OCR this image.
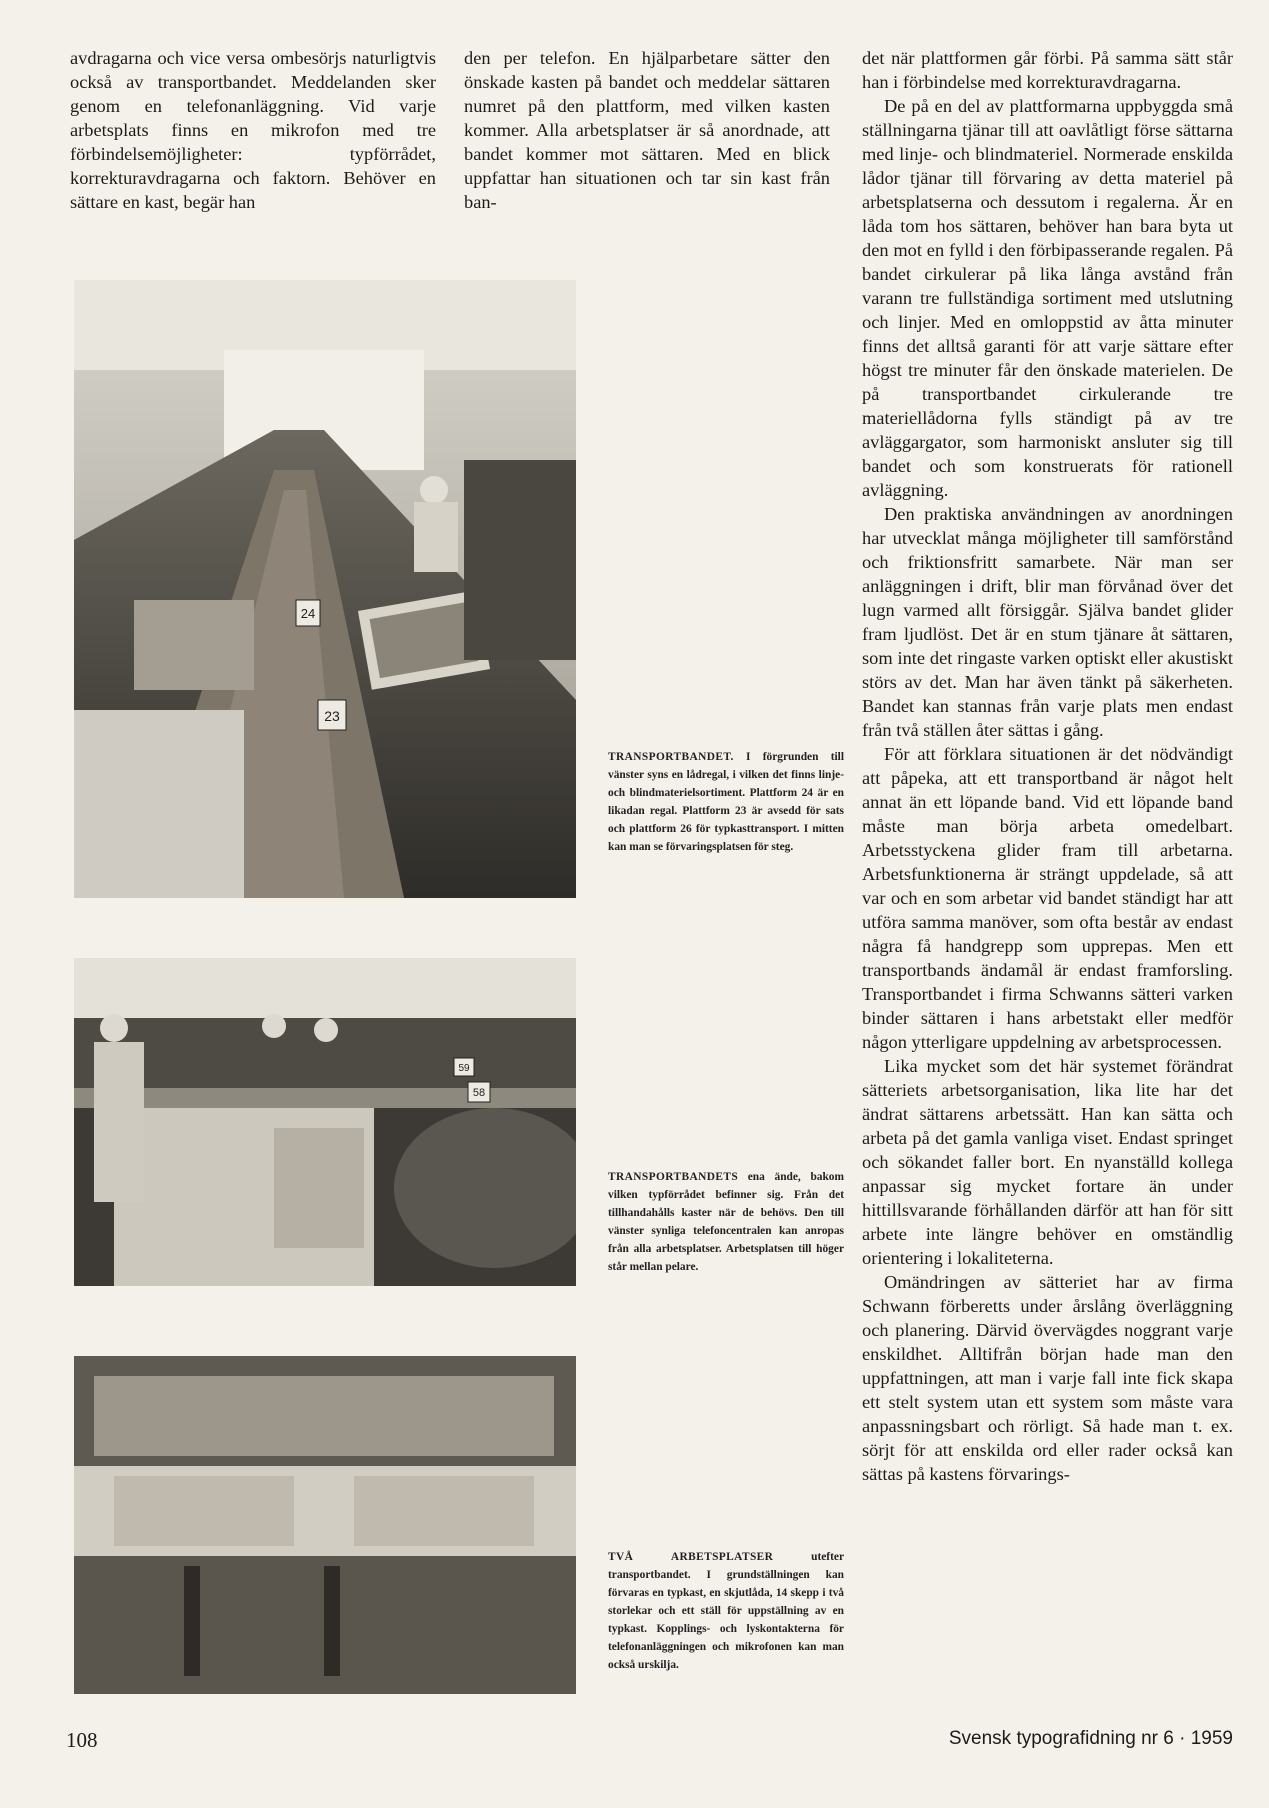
avdragarna och vice versa ombesörjs naturligtvis också av transportbandet. Meddelanden sker genom en telefonanläggning. Vid varje arbetsplats finns en mikrofon med tre förbindelsemöjligheter: typförrådet, korrekturavdragarna och faktorn. Behöver en sättare en kast, begär han

den per telefon. En hjälparbetare sätter den önskade kasten på bandet och meddelar sättaren numret på den plattform, med vilken kasten kommer. Alla arbetsplatser är så anordnade, att bandet kommer mot sättaren. Med en blick uppfattar han situationen och tar sin kast från ban-

det när plattformen går förbi. På samma sätt står han i förbindelse med korrekturavdragarna.

De på en del av plattformarna uppbyggda små ställningarna tjänar till att oavlåtligt förse sättarna med linje- och blindmateriel. Normerade enskilda lådor tjänar till förvaring av detta materiel på arbetsplatserna och dessutom i regalerna. Är en låda tom hos sättaren, behöver han bara byta ut den mot en fylld i den förbipasserande regalen. På bandet cirkulerar på lika långa avstånd från varann tre fullständiga sortiment med utslutning och linjer. Med en omloppstid av åtta minuter finns det alltså garanti för att varje sättare efter högst tre minuter får den önskade materielen. De på transportbandet cirkulerande tre materiellådorna fylls ständigt på av tre avläggargator, som harmoniskt ansluter sig till bandet och som konstruerats för rationell avläggning.

Den praktiska användningen av anordningen har utvecklat många möjligheter till samförstånd och friktionsfritt samarbete. När man ser anläggningen i drift, blir man förvånad över det lugn varmed allt försiggår. Själva bandet glider fram ljudlöst. Det är en stum tjänare åt sättaren, som inte det ringaste varken optiskt eller akustiskt störs av det. Man har även tänkt på säkerheten. Bandet kan stannas från varje plats men endast från två ställen åter sättas i gång.

För att förklara situationen är det nödvändigt att påpeka, att ett transportband är något helt annat än ett löpande band. Vid ett löpande band måste man börja arbeta omedelbart. Arbetsstyckena glider fram till arbetarna. Arbetsfunktionerna är strängt uppdelade, så att var och en som arbetar vid bandet ständigt har att utföra samma manöver, som ofta består av endast några få handgrepp som upprepas. Men ett transportbands ändamål är endast framforsling. Transportbandet i firma Schwanns sätteri varken binder sättaren i hans arbetstakt eller medför någon ytterligare uppdelning av arbetsprocessen.

Lika mycket som det här systemet förändrat sätteriets arbetsorganisation, lika lite har det ändrat sättarens arbetssätt. Han kan sätta och arbeta på det gamla vanliga viset. Endast springet och sökandet faller bort. En nyanställd kollega anpassar sig mycket fortare än under hittillsvarande förhållanden därför att han för sitt arbete inte längre behöver en omständlig orientering i lokaliteterna.

Omändringen av sätteriet har av firma Schwann förberetts under årslång överläggning och planering. Därvid övervägdes noggrant varje enskildhet. Alltifrån början hade man den uppfattningen, att man i varje fall inte fick skapa ett stelt system utan ett system som måste vara anpassningsbart och rörligt. Så hade man t. ex. sörjt för att enskilda ord eller rader också kan sättas på kastens förvarings-

24
23
TRANSPORTBANDET. I förgrunden till vänster syns en lådregal, i vilken det finns linje- och blindmaterielsortiment. Plattform 24 är en likadan regal. Plattform 23 är avsedd för sats och plattform 26 för typkasttransport. I mitten kan man se förvaringsplatsen för steg.
59
58
TRANSPORTBANDETS ena ände, bakom vilken typförrådet befinner sig. Från det tillhandahålls kaster när de behövs. Den till vänster synliga telefoncentralen kan anropas från alla arbetsplatser. Arbetsplatsen till höger står mellan pelare.
TVÅ ARBETSPLATSER utefter transportbandet. I grundställningen kan förvaras en typkast, en skjutlåda, 14 skepp i två storlekar och ett ställ för uppställning av en typkast. Kopplings- och lyskontakterna för telefonanläggningen och mikrofonen kan man också urskilja.
108	Svensk typografidning nr 6 · 1959
